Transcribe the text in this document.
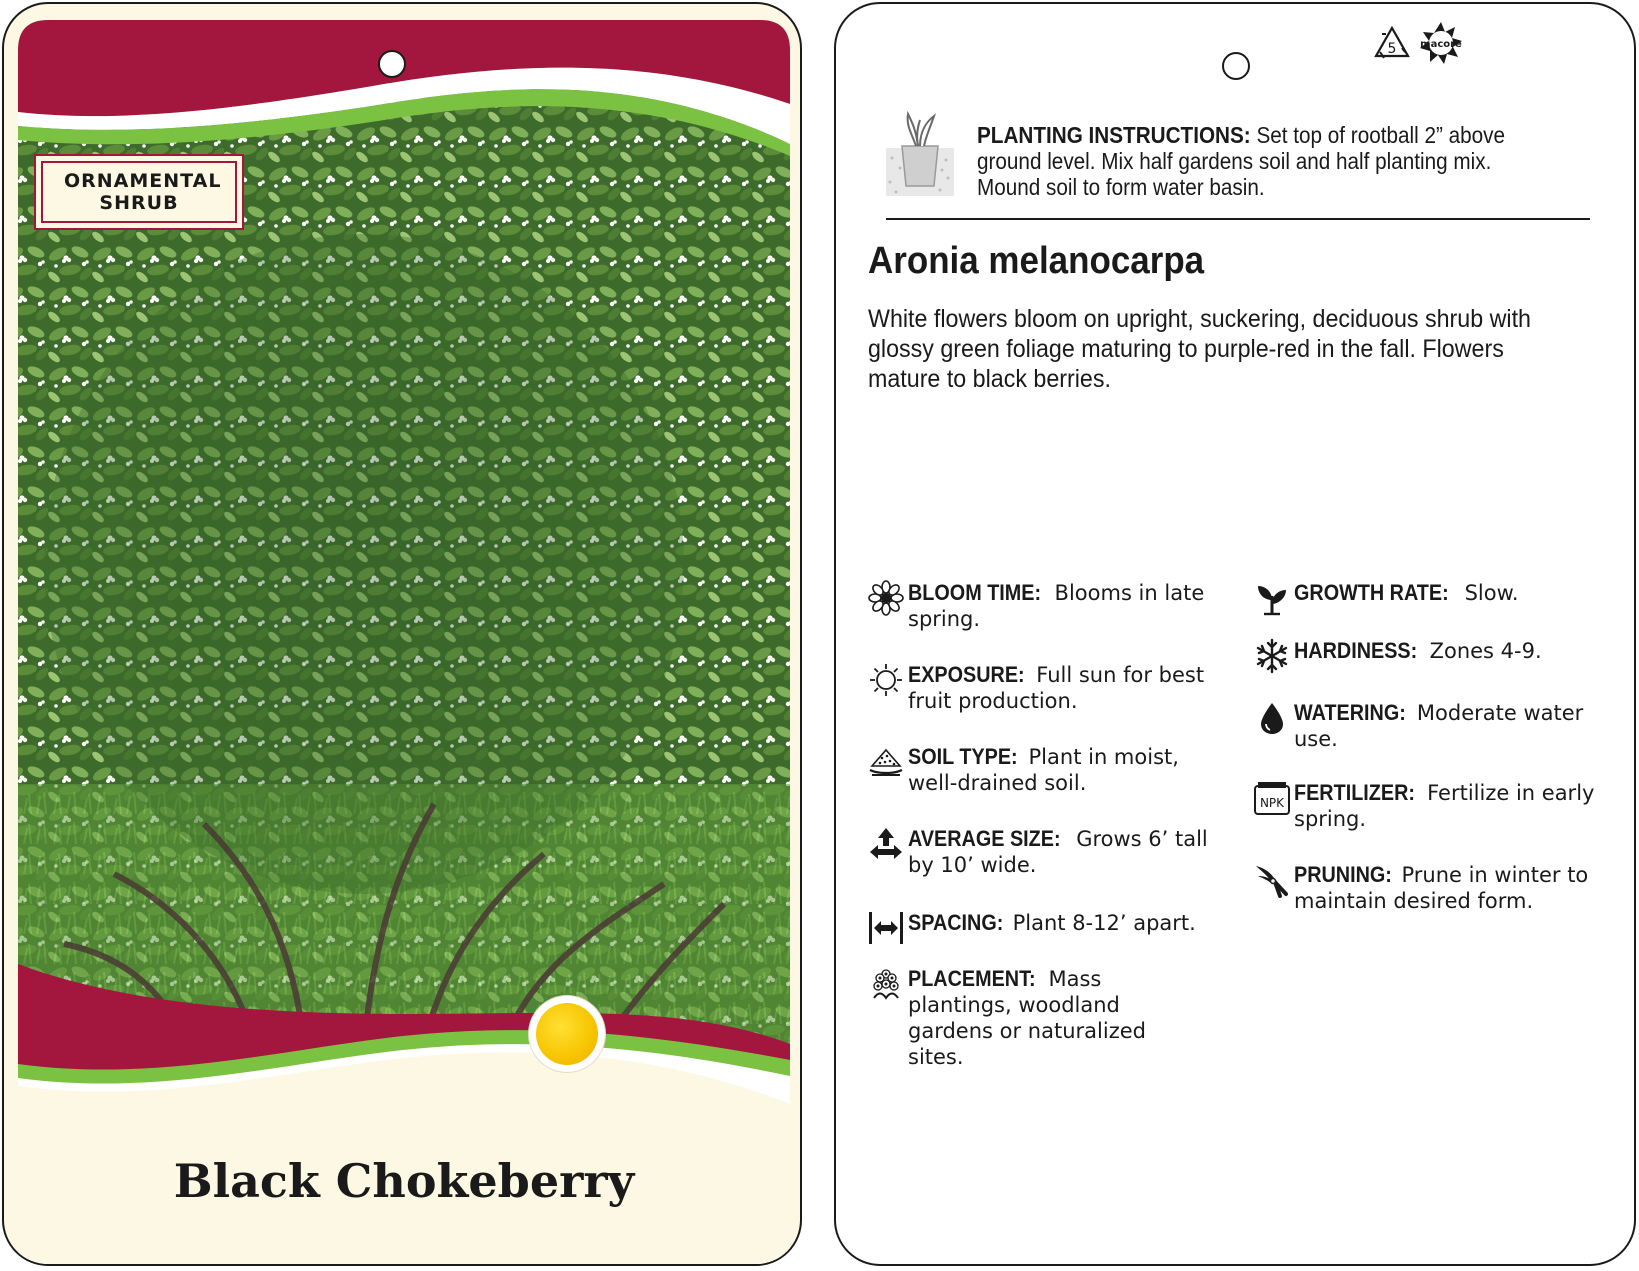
ORNAMENTAL
SHRUB
Black Chokeberry
5 macore
PLANTING INSTRUCTIONS: Set top of rootball 2” above
ground level. Mix half gardens soil and half planting mix.
Mound soil to form water basin.
Aronia melanocarpa
White flowers bloom on upright, suckering, deciduous shrub with
glossy green foliage maturing to purple-red in the fall. Flowers
mature to black berries.
BLOOM TIME: Blooms in late
spring.
EXPOSURE: Full sun for best
fruit production.
SOIL TYPE: Plant in moist,
well-drained soil.
AVERAGE SIZE: Grows 6’ tall
by 10’ wide.
SPACING: Plant 8-12’ apart.
PLACEMENT: Mass
plantings, woodland
gardens or naturalized
sites.
GROWTH RATE: Slow.
HARDINESS: Zones 4-9.
WATERING: Moderate water
use.
NPK FERTILIZER: Fertilize in early
spring.
PRUNING: Prune in winter to
maintain desired form.
